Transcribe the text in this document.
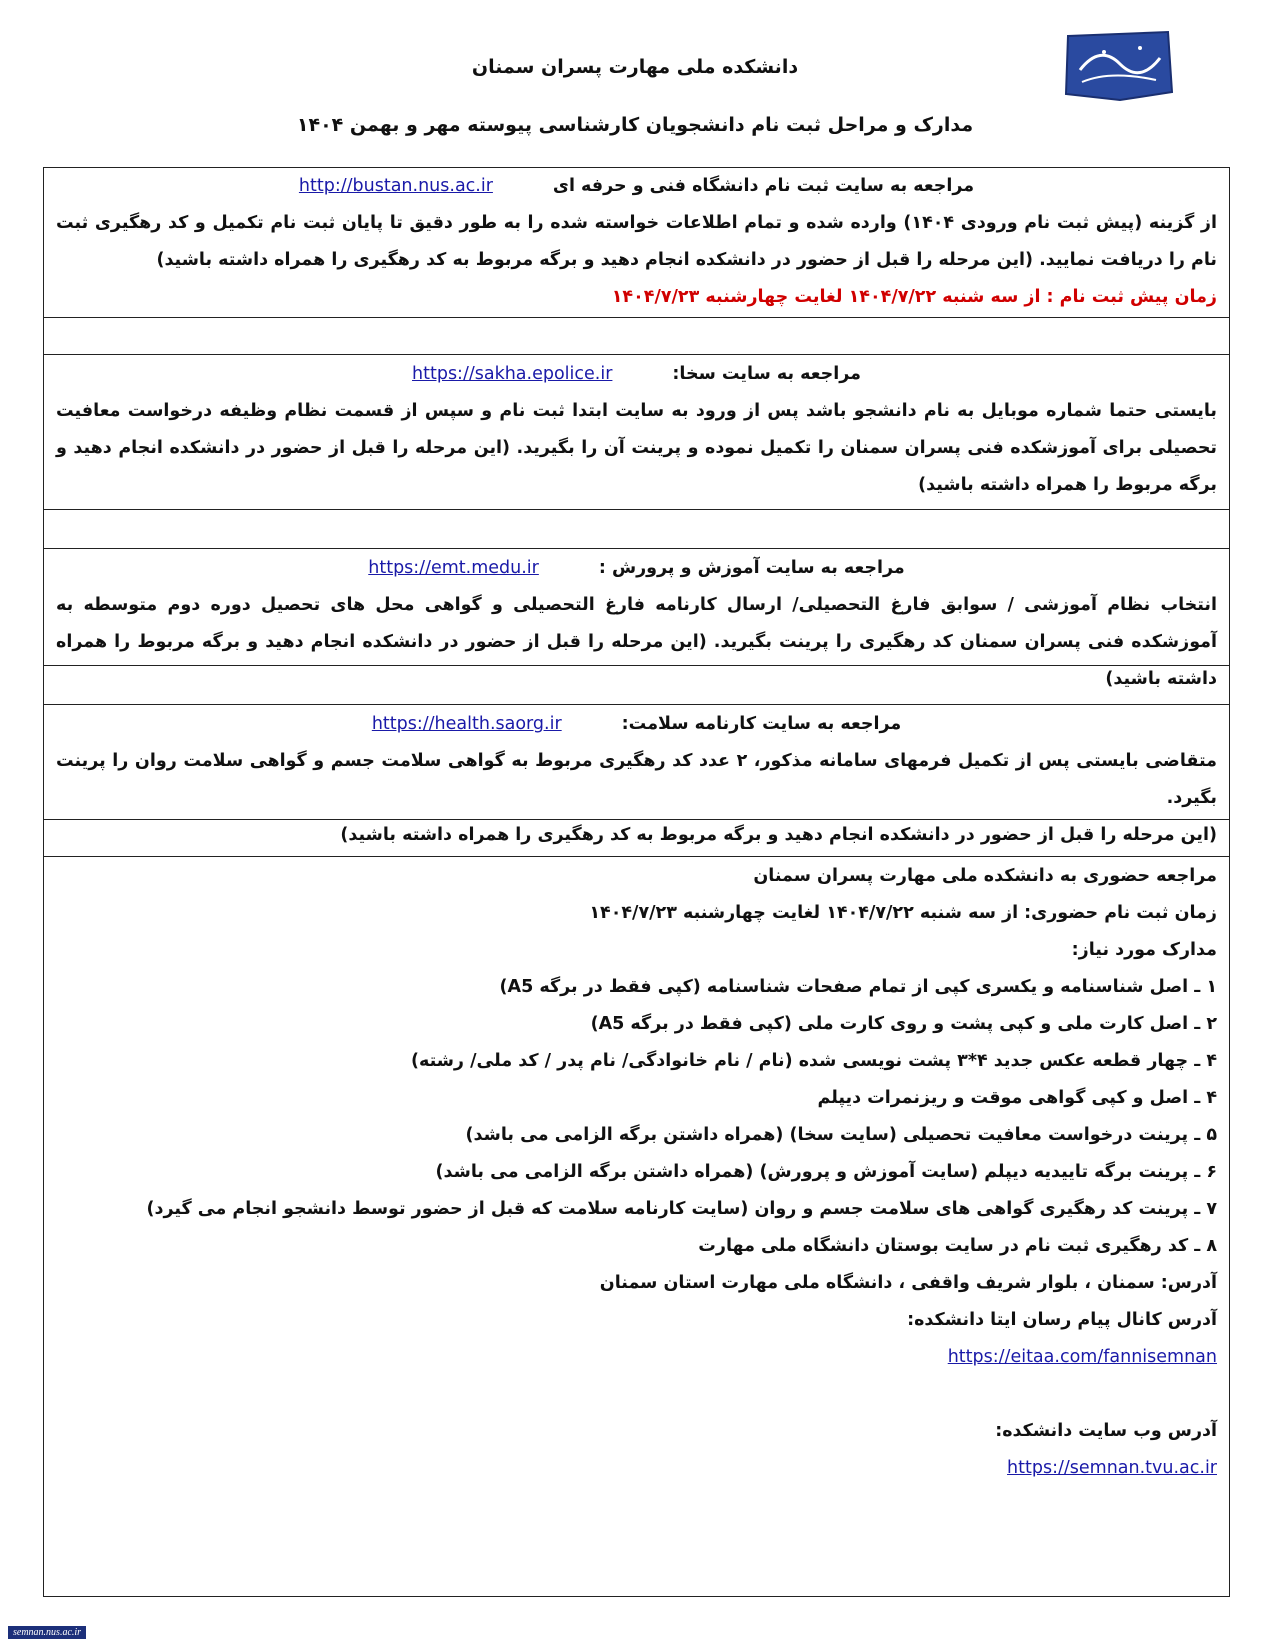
دانشکده ملی مهارت پسران سمنان
مدارک و مراحل ثبت نام دانشجویان کارشناسی پیوسته مهر و بهمن ۱۴۰۴
مراجعه به سایت ثبت نام دانشگاه فنی و حرفه ای
http://bustan.nus.ac.ir

از گزینه (پیش ثبت نام ورودی ۱۴۰۴) وارده شده و تمام اطلاعات خواسته شده را به طور دقیق تا پایان ثبت نام تکمیل و کد رهگیری ثبت نام را دریافت نمایید. (این مرحله را قبل از حضور در دانشکده انجام دهید و برگه مربوط به کد رهگیری را همراه داشته باشید)

زمان پیش ثبت نام : از سه شنبه ۱۴۰۴/۷/۲۲ لغایت چهارشنبه ۱۴۰۴/۷/۲۳

مراجعه به سایت سخا:
https://sakha.epolice.ir

بایستی حتما شماره موبایل به نام دانشجو باشد پس از ورود به سایت ابتدا ثبت نام و سپس از قسمت نظام وظیفه درخواست معافیت تحصیلی برای آموزشکده فنی پسران سمنان را تکمیل نموده و پرینت آن را بگیرید. (این مرحله را قبل از حضور در دانشکده انجام دهید و برگه مربوط را همراه داشته باشید)

مراجعه به سایت آموزش و پرورش :
https://emt.medu.ir

انتخاب نظام آموزشی / سوابق فارغ التحصیلی/ ارسال کارنامه فارغ التحصیلی و گواهی محل های تحصیل دوره دوم متوسطه به آموزشکده فنی پسران سمنان کد رهگیری را پرینت بگیرید. (این مرحله را قبل از حضور در دانشکده انجام دهید و برگه مربوط را همراه داشته باشید)

مراجعه به سایت کارنامه سلامت:
https://health.saorg.ir

متقاضی بایستی پس از تکمیل فرمهای سامانه مذکور، ۲ عدد کد رهگیری مربوط به گواهی سلامت جسم و گواهی سلامت روان را پرینت بگیرد.

(این مرحله را قبل از حضور در دانشکده انجام دهید و برگه مربوط به کد رهگیری را همراه داشته باشید)

مراجعه حضوری به دانشکده ملی مهارت پسران سمنان

زمان ثبت نام حضوری: از سه شنبه ۱۴۰۴/۷/۲۲ لغایت چهارشنبه ۱۴۰۴/۷/۲۳

مدارک مورد نیاز:

۱ ـ اصل شناسنامه و یکسری کپی از تمام صفحات شناسنامه (کپی فقط در برگه A5)

۲ ـ اصل کارت ملی و کپی پشت و روی کارت ملی (کپی فقط در برگه A5)

۴ ـ چهار قطعه عکس جدید ۴*۳ پشت نویسی شده (نام / نام خانوادگی/ نام پدر / کد ملی/ رشته)

۴ ـ اصل و کپی گواهی موقت و ریزنمرات دیپلم

۵ ـ پرینت درخواست معافیت تحصیلی (سایت سخا) (همراه داشتن برگه الزامی می باشد)

۶ ـ پرینت برگه تاییدیه دیپلم (سایت آموزش و پرورش) (همراه داشتن برگه الزامی می باشد)

۷ ـ پرینت کد رهگیری گواهی های سلامت جسم و روان (سایت کارنامه سلامت که قبل از حضور توسط دانشجو انجام می گیرد)

۸ ـ کد رهگیری ثبت نام در سایت بوستان دانشگاه ملی مهارت

آدرس: سمنان ، بلوار شریف واقفی ، دانشگاه ملی مهارت استان سمنان

آدرس کانال پیام رسان ایتا دانشکده:

https://eitaa.com/fannisemnan

آدرس وب سایت دانشکده:

https://semnan.tvu.ac.ir

semnan.nus.ac.ir
